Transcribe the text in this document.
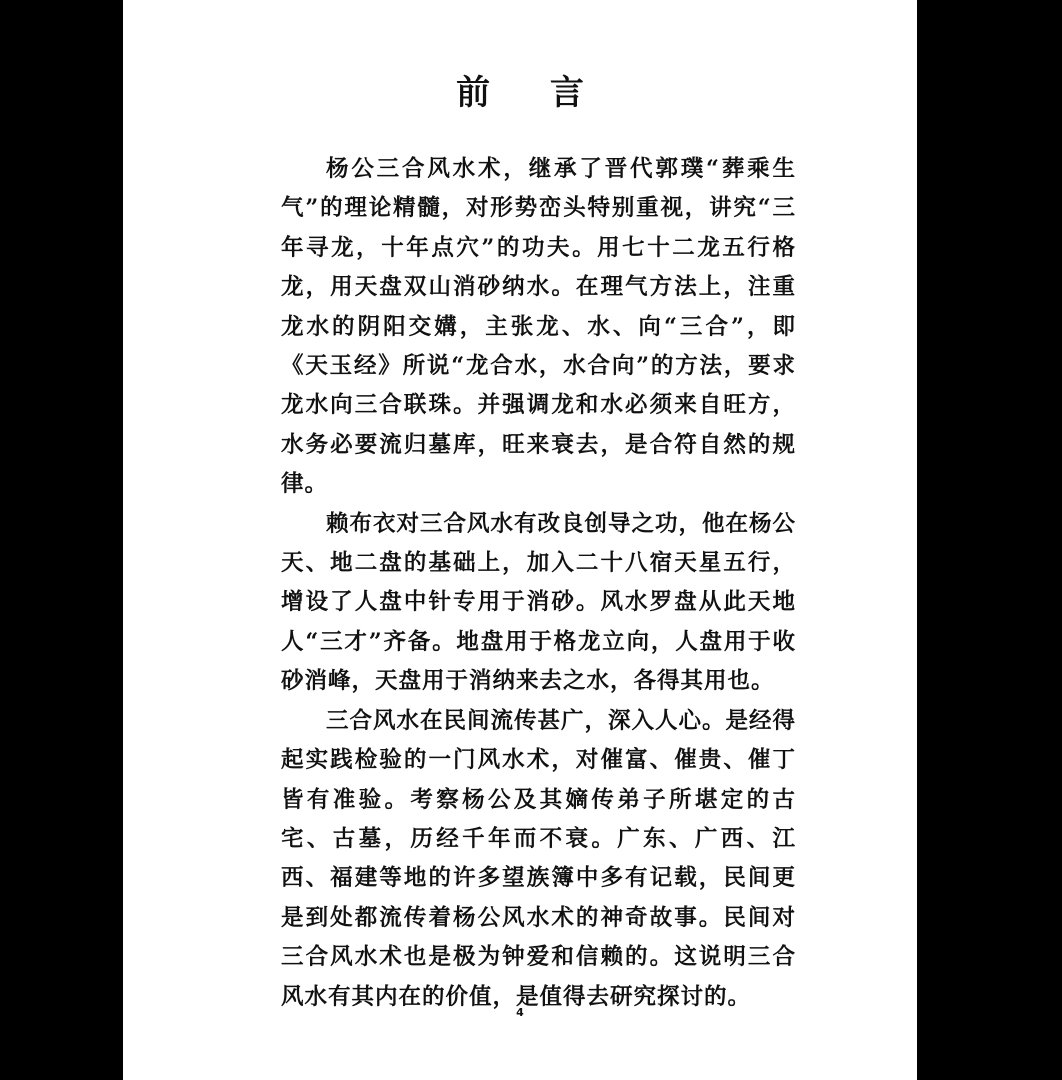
前 言

杨公三合风水术，继承了晋代郭璞“葬乘生气”的理论精髓，对形势峦头特别重视，讲究“三年寻龙，十年点穴”的功夫。用七十二龙五行格龙，用天盘双山消砂纳水。在理气方法上，注重龙水的阴阳交媾，主张龙、水、向“三合”，即《天玉经》所说“龙合水，水合向”的方法，要求龙水向三合联珠。并强调龙和水必须来自旺方，水务必要流归墓库，旺来衰去，是合符自然的规律。

赖布衣对三合风水有改良创导之功，他在杨公天、地二盘的基础上，加入二十八宿天星五行，增设了人盘中针专用于消砂。风水罗盘从此天地人“三才”齐备。地盘用于格龙立向，人盘用于收砂消峰，天盘用于消纳来去之水，各得其用也。

三合风水在民间流传甚广，深入人心。是经得起实践检验的一门风水术，对催富、催贵、催丁皆有准验。考察杨公及其嫡传弟子所堪定的古宅、古墓，历经千年而不衰。广东、广西、江西、福建等地的许多望族簿中多有记载，民间更是到处都流传着杨公风水术的神奇故事。民间对三合风水术也是极为钟爱和信赖的。这说明三合风水有其内在的价值，是值得去研究探讨的。

4
